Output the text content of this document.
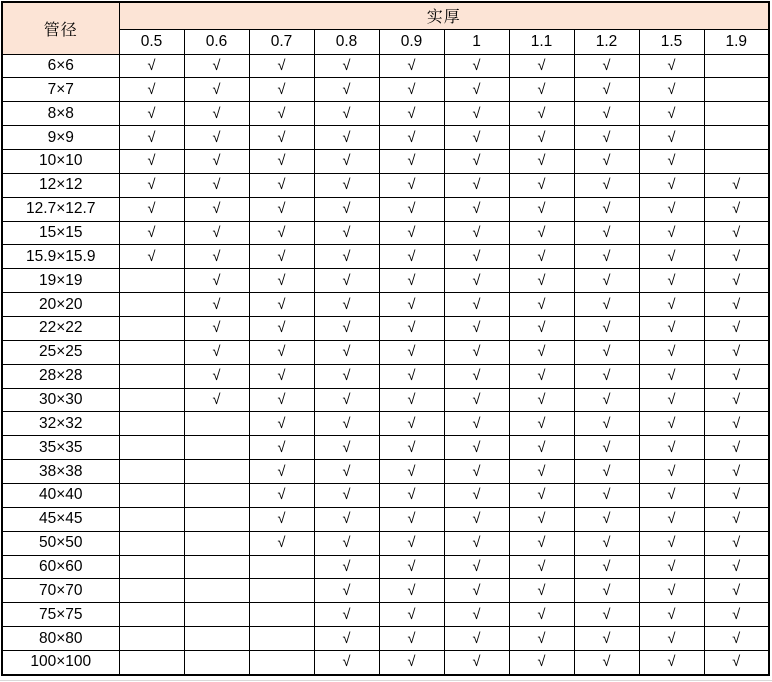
管径	实厚									
	0.5	0.6	0.7	0.8	0.9	1	1.1	1.2	1.5	1.9
6×6	√	√	√	√	√	√	√	√	√	
7×7	√	√	√	√	√	√	√	√	√	
8×8	√	√	√	√	√	√	√	√	√	
9×9	√	√	√	√	√	√	√	√	√	
10×10	√	√	√	√	√	√	√	√	√	
12×12	√	√	√	√	√	√	√	√	√	√
12.7×12.7	√	√	√	√	√	√	√	√	√	√
15×15	√	√	√	√	√	√	√	√	√	√
15.9×15.9	√	√	√	√	√	√	√	√	√	√
19×19		√	√	√	√	√	√	√	√	√
20×20		√	√	√	√	√	√	√	√	√
22×22		√	√	√	√	√	√	√	√	√
25×25		√	√	√	√	√	√	√	√	√
28×28		√	√	√	√	√	√	√	√	√
30×30		√	√	√	√	√	√	√	√	√
32×32			√	√	√	√	√	√	√	√
35×35			√	√	√	√	√	√	√	√
38×38			√	√	√	√	√	√	√	√
40×40			√	√	√	√	√	√	√	√
45×45			√	√	√	√	√	√	√	√
50×50			√	√	√	√	√	√	√	√
60×60				√	√	√	√	√	√	√
70×70				√	√	√	√	√	√	√
75×75				√	√	√	√	√	√	√
80×80				√	√	√	√	√	√	√
100×100				√	√	√	√	√	√	√
